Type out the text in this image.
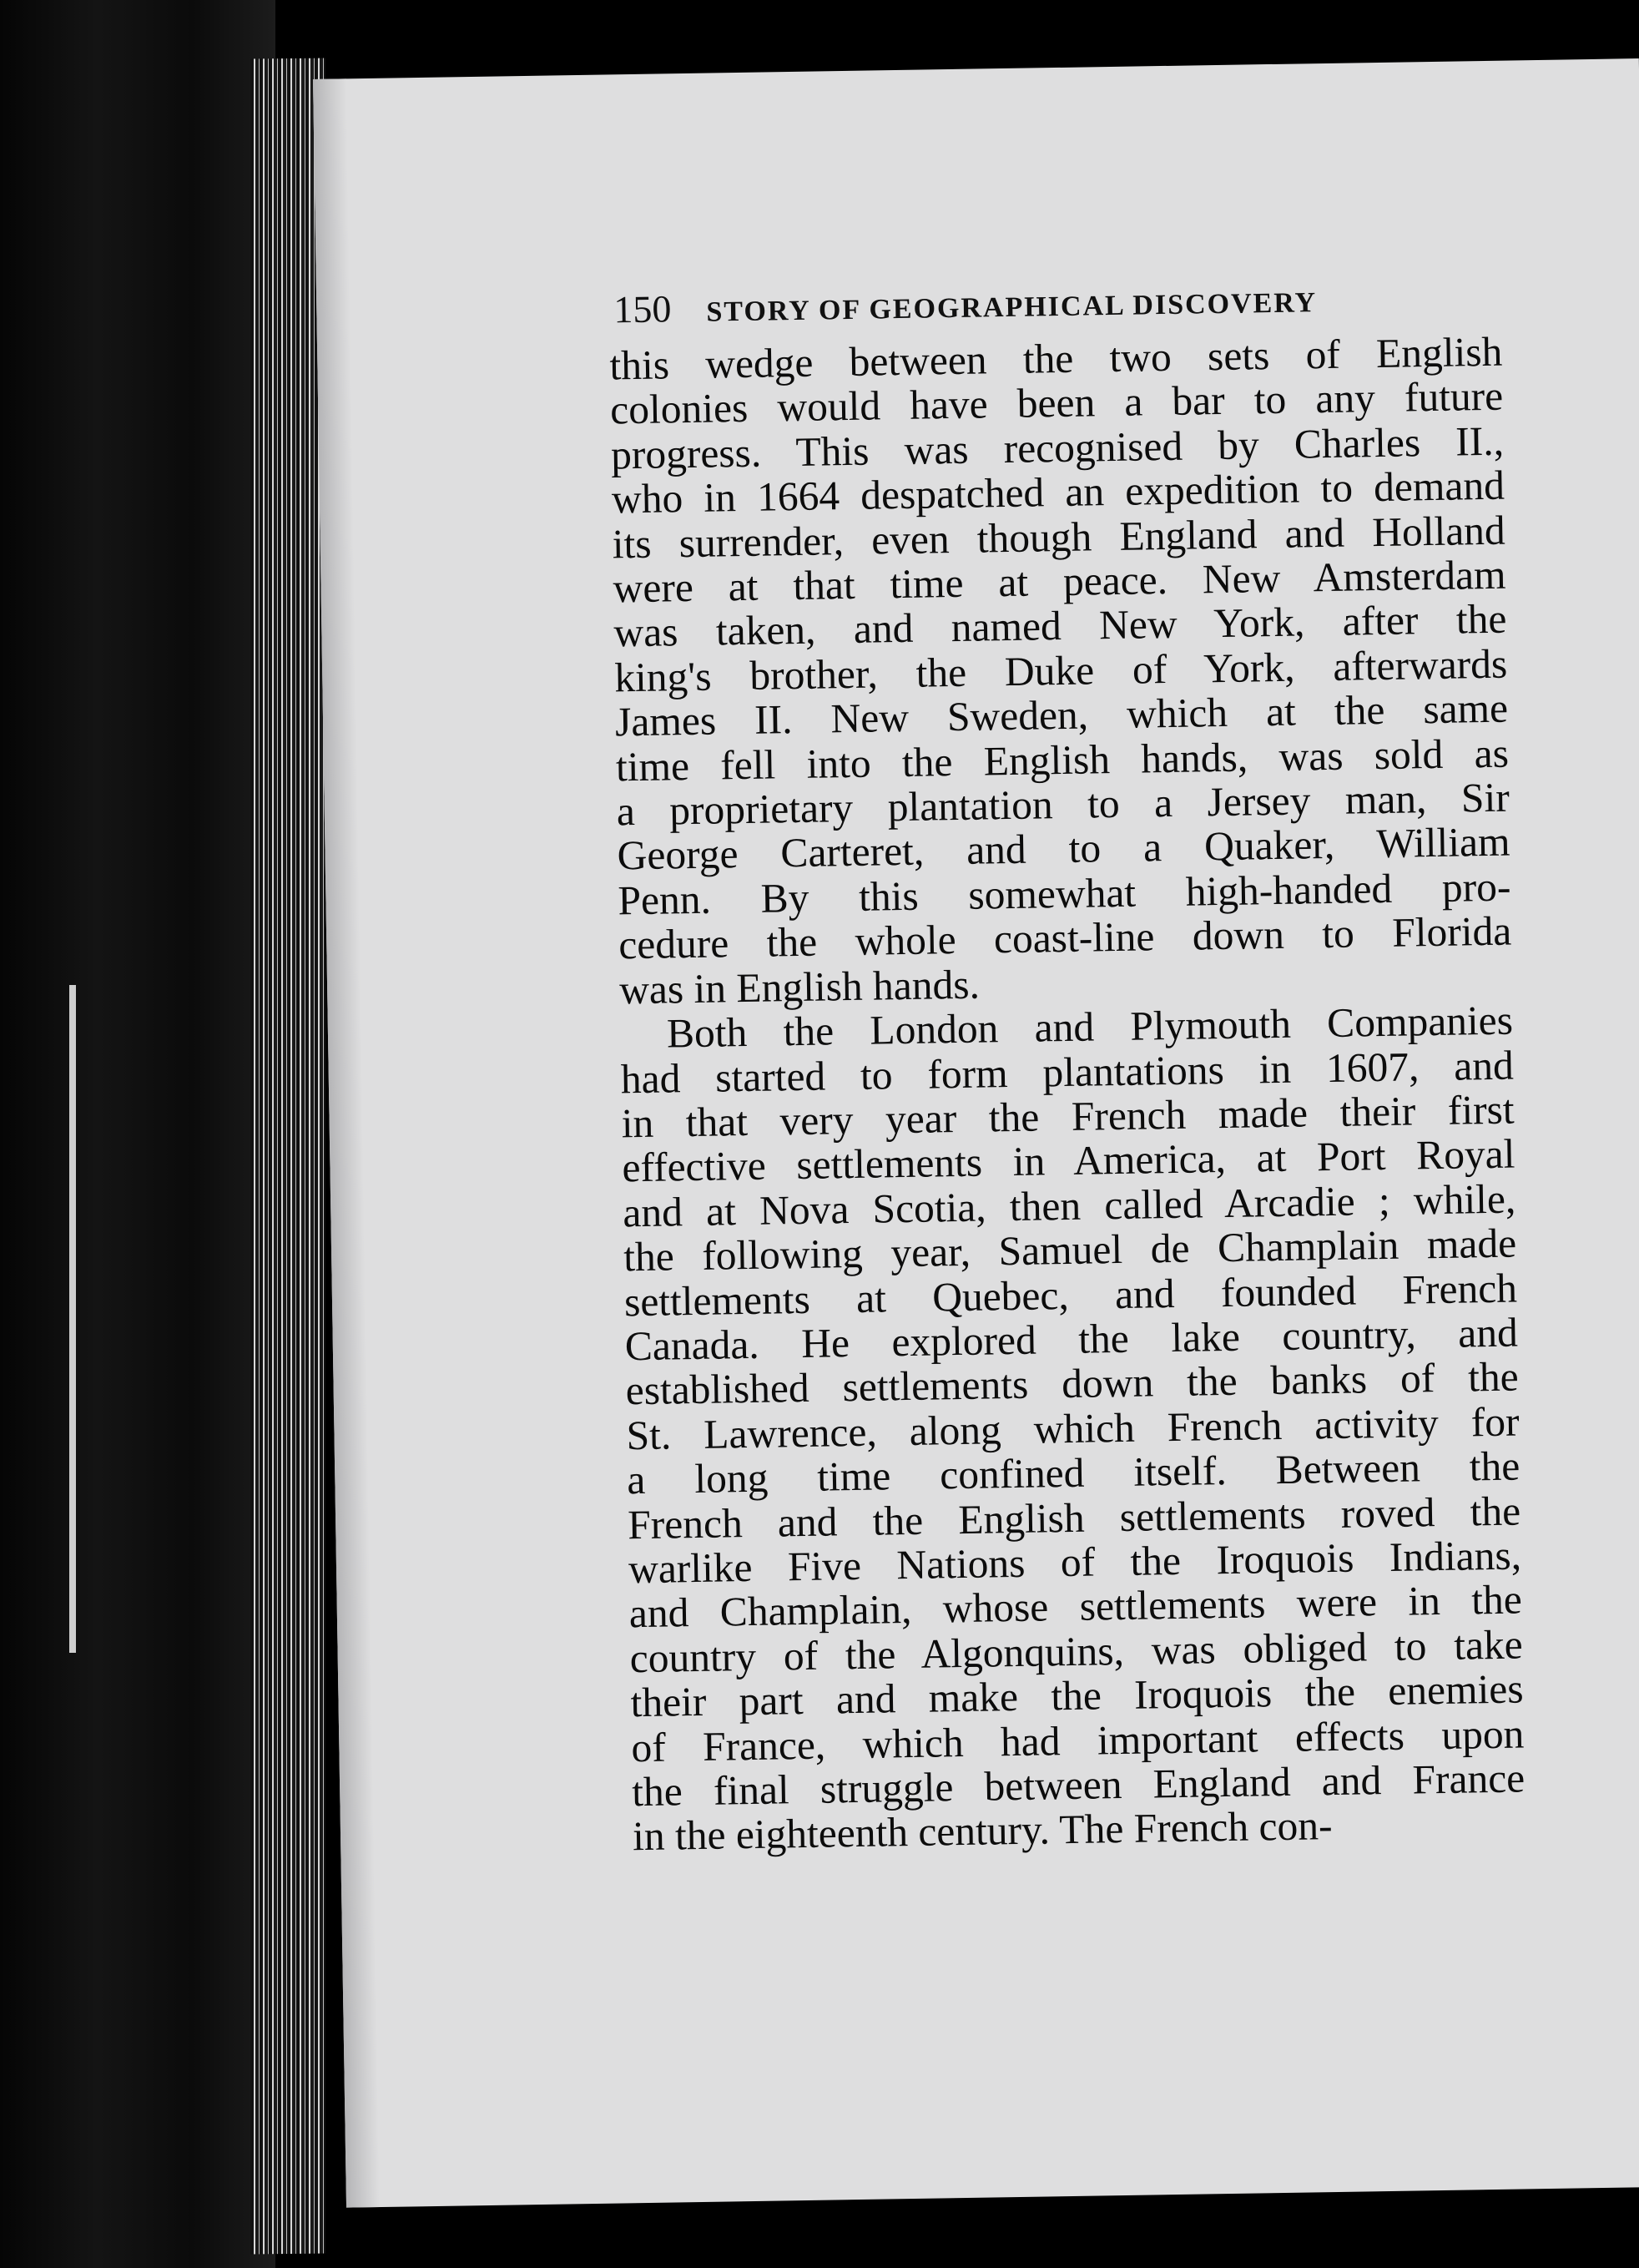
150 STORY OF GEOGRAPHICAL DISCOVERY
this wedge between the two sets of English
colonies would have been a bar to any future
progress. This was recognised by Charles II.,
who in 1664 despatched an expedition to demand
its surrender, even though England and Holland
were at that time at peace. New Amsterdam
was taken, and named New York, after the
king's brother, the Duke of York, afterwards
James II. New Sweden, which at the same
time fell into the English hands, was sold as
a proprietary plantation to a Jersey man, Sir
George Carteret, and to a Quaker, William
Penn. By this somewhat high-handed pro-
cedure the whole coast-line down to Florida
was in English hands.
Both the London and Plymouth Companies
had started to form plantations in 1607, and
in that very year the French made their first
effective settlements in America, at Port Royal
and at Nova Scotia, then called Arcadie ; while,
the following year, Samuel de Champlain made
settlements at Quebec, and founded French
Canada. He explored the lake country, and
established settlements down the banks of the
St. Lawrence, along which French activity for
a long time confined itself. Between the
French and the English settlements roved the
warlike Five Nations of the Iroquois Indians,
and Champlain, whose settlements were in the
country of the Algonquins, was obliged to take
their part and make the Iroquois the enemies
of France, which had important effects upon
the final struggle between England and France
in the eighteenth century. The French con-
